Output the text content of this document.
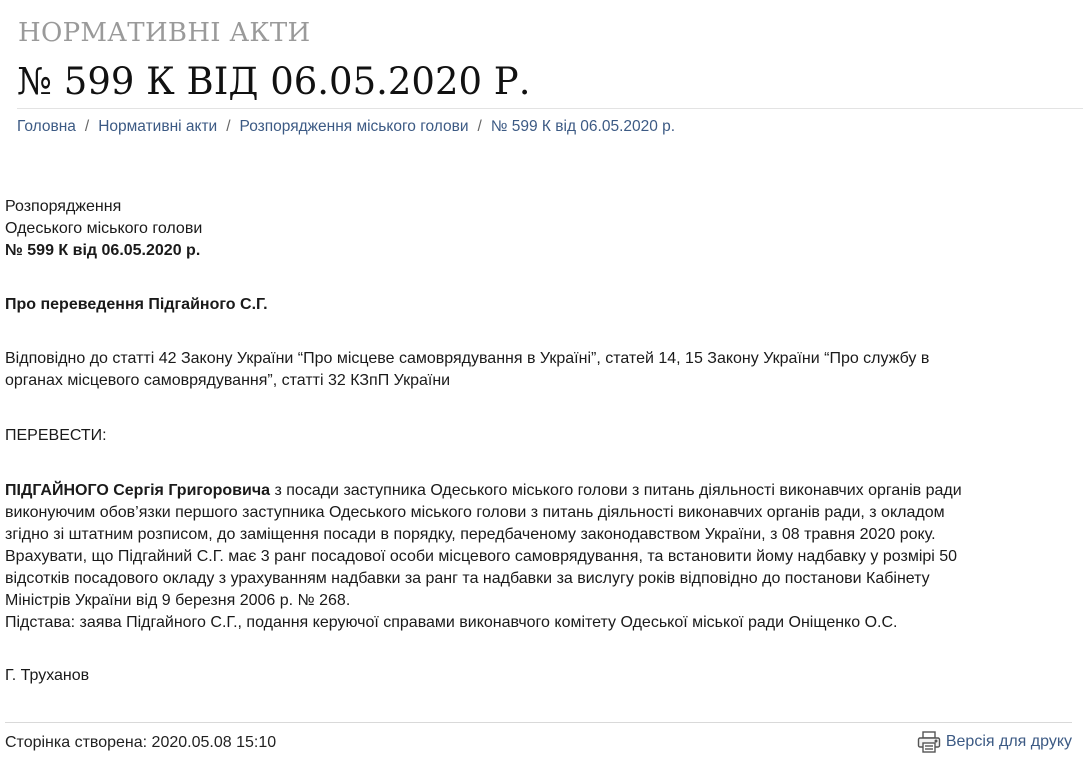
НОРМАТИВНІ АКТИ
№ 599 К ВІД 06.05.2020 Р.
Головна / Нормативні акти / Розпорядження міського голови / № 599 К від 06.05.2020 р.

Розпорядження

Одеського міського голови

№ 599 К від 06.05.2020 р.

Про переведення Підгайного С.Г.

Відповідно до статті 42 Закону України “Про місцеве самоврядування в Україні”, статей 14, 15 Закону України “Про службу в

органах місцевого самоврядування”, статті 32 КЗпП України

ПЕРЕВЕСТИ:

ПІДГАЙНОГО Сергія Григоровича з посади заступника Одеського міського голови з питань діяльності виконавчих органів ради

виконуючим обов’язки першого заступника Одеського міського голови з питань діяльності виконавчих органів ради, з окладом

згідно зі штатним розписом, до заміщення посади в порядку, передбаченому законодавством України, з 08 травня 2020 року.

Врахувати, що Підгайний С.Г. має 3 ранг посадової особи місцевого самоврядування, та встановити йому надбавку у розмірі 50

відсотків посадового окладу з урахуванням надбавки за ранг та надбавки за вислугу років відповідно до постанови Кабінету

Міністрів України від 9 березня 2006 р. № 268.

Підстава: заява Підгайного С.Г., подання керуючої справами виконавчого комітету Одеської міської ради Оніщенко О.С.

Г. Труханов
Сторінка створена: 2020.05.08 15:10	Версія для друку
